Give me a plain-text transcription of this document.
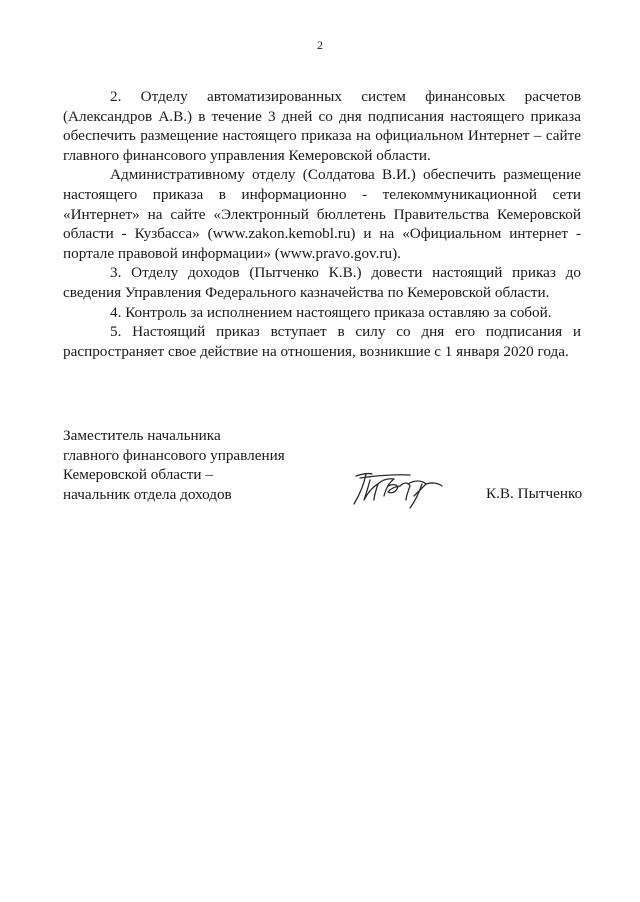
2

2. Отделу автоматизированных систем финансовых расчетов (Александров А.В.) в течение 3 дней со дня подписания настоящего приказа обеспечить размещение настоящего приказа на официальном Интернет – сайте главного финансового управления Кемеровской области.

Административному отделу (Солдатова В.И.) обеспечить размещение настоящего приказа в информационно - телекоммуникационной сети «Интернет» на сайте «Электронный бюллетень Правительства Кемеровской области - Кузбасса» (www.zakon.kemobl.ru) и на «Официальном интернет - портале правовой информации» (www.pravo.gov.ru).

3. Отделу доходов (Пытченко К.В.) довести настоящий приказ до сведения Управления Федерального казначейства по Кемеровской области.

4. Контроль за исполнением настоящего приказа оставляю за собой.

5. Настоящий приказ вступает в силу со дня его подписания и распространяет свое действие на отношения, возникшие с 1 января 2020 года.

Заместитель начальника
главного финансового управления
Кемеровской области –
начальник отдела доходов	К.В. Пытченко
